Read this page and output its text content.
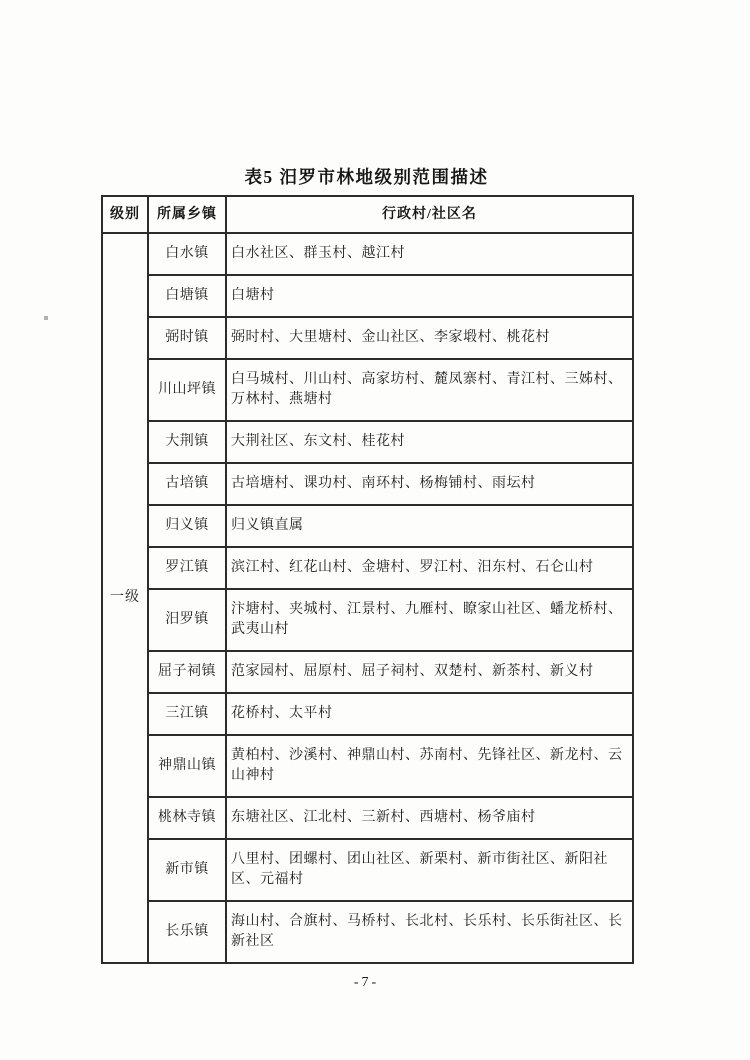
表5 汨罗市林地级别范围描述
级别	所属乡镇	行政村/社区名
一级	白水镇	白水社区、群玉村、越江村
	白塘镇	白塘村
	弼时镇	弼时村、大里塘村、金山社区、李家塅村、桃花村
	川山坪镇	白马城村、川山村、高家坊村、麓凤寨村、青江村、三姊村、万林村、燕塘村
	大荆镇	大荆社区、东文村、桂花村
	古培镇	古培塘村、课功村、南环村、杨梅铺村、雨坛村
	归义镇	归义镇直属
	罗江镇	滨江村、红花山村、金塘村、罗江村、汨东村、石仑山村
	汨罗镇	汴塘村、夹城村、江景村、九雁村、瞭家山社区、蟠龙桥村、武夷山村
	屈子祠镇	范家园村、屈原村、屈子祠村、双楚村、新茶村、新义村
	三江镇	花桥村、太平村
	神鼎山镇	黄柏村、沙溪村、神鼎山村、苏南村、先锋社区、新龙村、云山神村
	桃林寺镇	东塘社区、江北村、三新村、西塘村、杨爷庙村
	新市镇	八里村、团螺村、团山社区、新栗村、新市街社区、新阳社区、元福村
	长乐镇	海山村、合旗村、马桥村、长北村、长乐村、长乐街社区、长新社区
-7-
